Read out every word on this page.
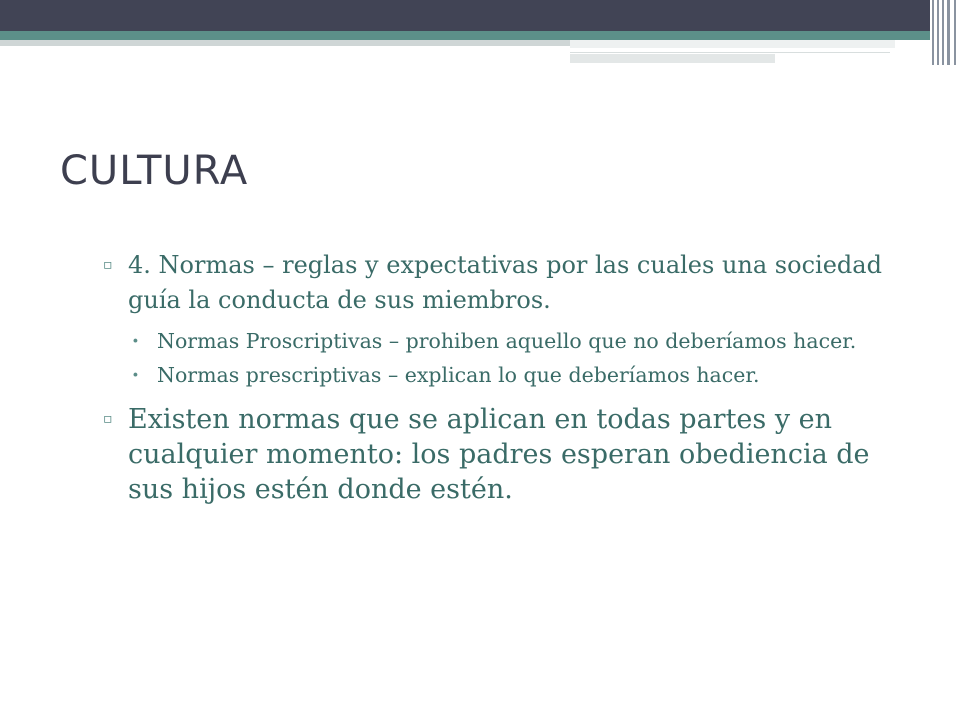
CULTURA
▫ 4. Normas – reglas y expectativas por las cuales una sociedad guía la conducta de sus miembros.
∙ Normas Proscriptivas – prohiben aquello que no deberíamos hacer.
∙ Normas prescriptivas – explican lo que deberíamos hacer.
▫ Existen normas que se aplican en todas partes y en cualquier momento: los padres esperan obediencia de sus hijos estén donde estén.
